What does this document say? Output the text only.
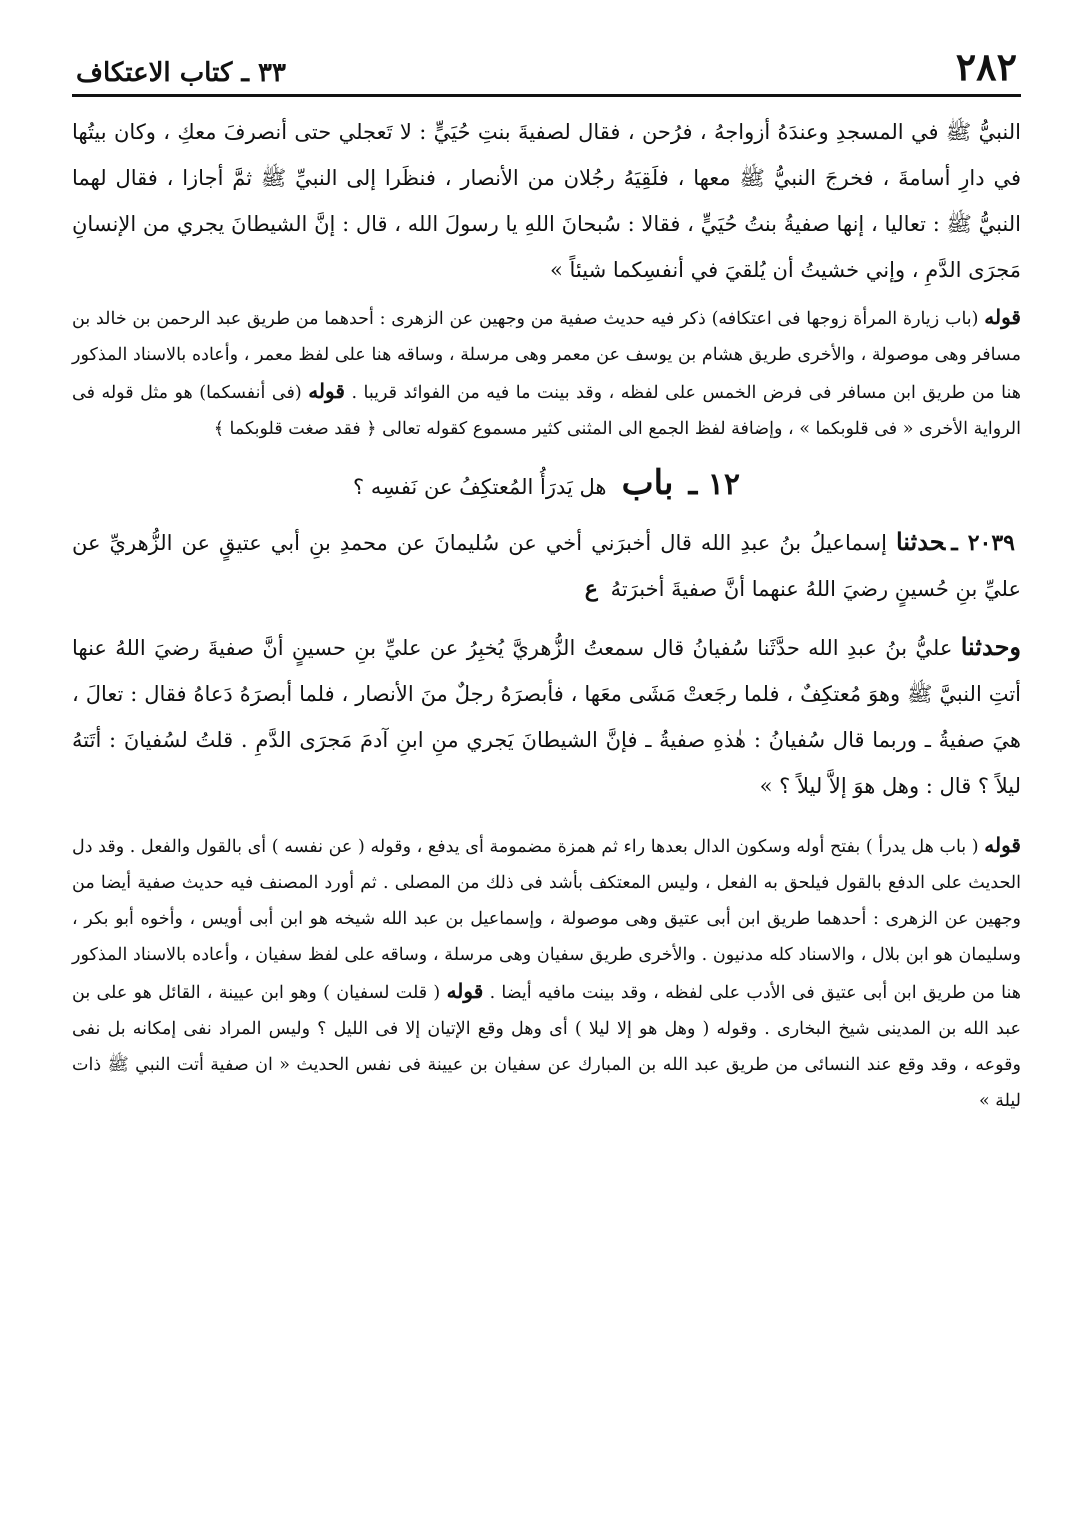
٢٨٢
٣٣ ـ كتاب الاعتكاف

النبيُّ ﷺ في المسجدِ وعندَهُ أزواجهُ ، فرُحن ، فقال لصفيةَ بنتِ حُيَيٍّ : لا تَعجلي حتى أنصرفَ معكِ ، وكان بيتُها في دارِ أسامةَ ، فخرجَ النبيُّ ﷺ معها ، فلَقِيَهُ رجُلان من الأنصار ، فنظَرا إلى النبيِّ ﷺ ثمَّ أجازا ، فقال لهما النبيُّ ﷺ : تعاليا ، إنها صفيةُ بنتُ حُيَيٍّ ، فقالا : سُبحانَ اللهِ يا رسولَ الله ، قال : إنَّ الشيطانَ يجري من الإنسانِ مَجرَى الدَّمِ ، وإني خشيتُ أن يُلقيَ في أنفسِكما شيئاً »

قوله (باب زيارة المرأة زوجها فى اعتكافه) ذكر فيه حديث صفية من وجهين عن الزهرى : أحدهما من طريق عبد الرحمن بن خالد بن مسافر وهى موصولة ، والأخرى طريق هشام بن يوسف عن معمر وهى مرسلة ، وساقه هنا على لفظ معمر ، وأعاده بالاسناد المذكور هنا من طريق ابن مسافر فى فرض الخمس على لفظه ، وقد بينت ما فيه من الفوائد قريبا . قوله (فى أنفسكما) هو مثل قوله فى الرواية الأخرى « فى قلوبكما » ، وإضافة لفظ الجمع الى المثنى كثير مسموع كقوله تعالى ﴿ فقد صغت قلوبكما ﴾

١٢ ـ باب هل يَدرَأُ المُعتكِفُ عن نَفسِه ؟

٢٠٣٩ ـحدثنا إسماعيلُ بنُ عبدِ الله قال أخبرَني أخي عن سُليمانَ عن محمدِ بنِ أبي عتيقٍ عن الزُّهريِّ عن عليِّ بنِ حُسينٍ رضيَ اللهُ عنهما أنَّ صفيةَ أخبرَتهُ ع

وحدثنا عليُّ بنُ عبدِ الله حدَّثَنا سُفيانُ قال سمعتُ الزُّهريَّ يُخبِرُ عن عليِّ بنِ حسينٍ أنَّ صفيةَ رضيَ اللهُ عنها أتتِ النبيَّ ﷺ وهوَ مُعتكِفٌ ، فلما رجَعتْ مَشَى معَها ، فأبصرَهُ رجلٌ منَ الأنصار ، فلما أبصرَهُ دَعاهُ فقال : تعالَ ، هيَ صفيةُ ـ وربما قال سُفيانُ : هٰذهِ صفيةُ ـ فإنَّ الشيطانَ يَجري منِ ابنِ آدمَ مَجرَى الدَّمِ . قلتُ لسُفيانَ : أتَتهُ ليلاً ؟ قال : وهل هوَ إلاَّ ليلاً ؟ »

قوله ( باب هل يدرأ ) بفتح أوله وسكون الدال بعدها راء ثم همزة مضمومة أى يدفع ، وقوله ( عن نفسه ) أى بالقول والفعل . وقد دل الحديث على الدفع بالقول فيلحق به الفعل ، وليس المعتكف بأشد فى ذلك من المصلى . ثم أورد المصنف فيه حديث صفية أيضا من وجهين عن الزهرى : أحدهما طريق ابن أبى عتيق وهى موصولة ، وإسماعيل بن عبد الله شيخه هو ابن أبى أويس ، وأخوه أبو بكر ، وسليمان هو ابن بلال ، والاسناد كله مدنيون . والأخرى طريق سفيان وهى مرسلة ، وساقه على لفظ سفيان ، وأعاده بالاسناد المذكور هنا من طريق ابن أبى عتيق فى الأدب على لفظه ، وقد بينت مافيه أيضا . قوله ( قلت لسفيان ) وهو ابن عيينة ، القائل هو على بن عبد الله بن المدينى شيخ البخارى . وقوله ( وهل هو إلا ليلا ) أى وهل وقع الإتيان إلا فى الليل ؟ وليس المراد نفى إمكانه بل نفى وقوعه ، وقد وقع عند النسائى من طريق عبد الله بن المبارك عن سفيان بن عيينة فى نفس الحديث « ان صفية أتت النبي ﷺ ذات ليلة »
